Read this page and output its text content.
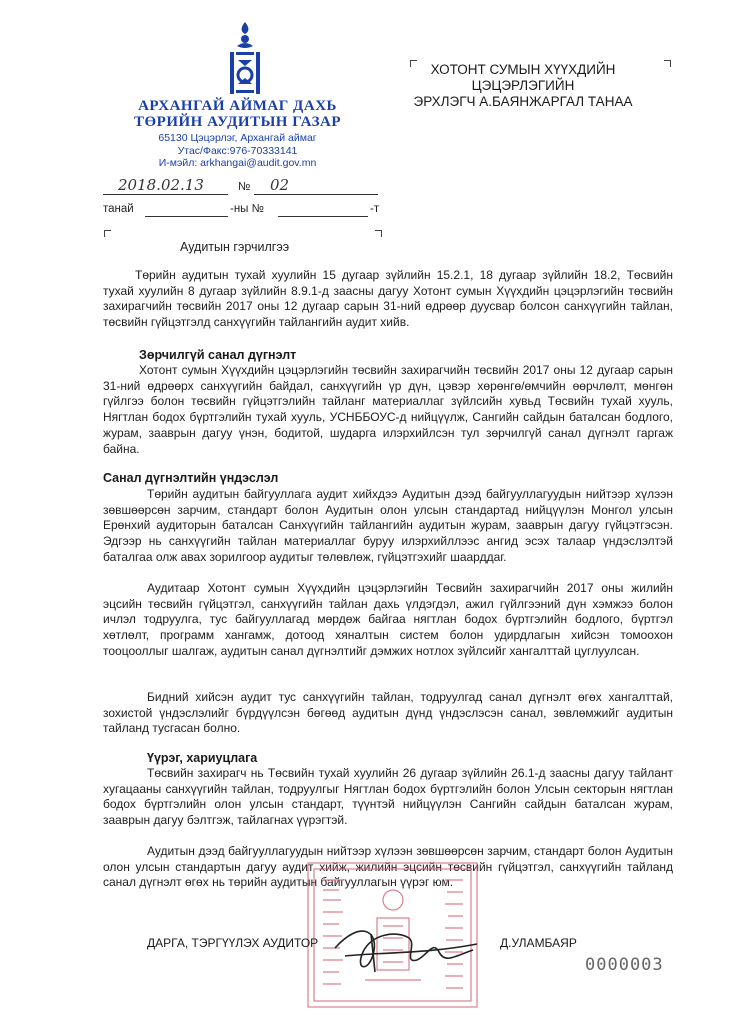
АРХАНГАЙ АЙМАГ ДАХЬ
ТӨРИЙН АУДИТЫН ГАЗАР
65130 Цэцэрлэг, Архангай аймаг
Утас/Факс:976-70333141
И-мэйл: arkhangai@audit.gov.mn
2018.02.13	№ 02
танай	-ны №	-т
ХОТОНТ СУМЫН ХҮҮХДИЙН ЦЭЦЭРЛЭГИЙН
ЭРХЛЭГЧ А.БАЯНЖАРГАЛ ТАНАА
Аудитын гэрчилгээ
Төрийн аудитын тухай хуулийн 15 дугаар зүйлийн 15.2.1, 18 дугаар зүйлийн 18.2, Төсвийн тухай хуулийн 8 дугаар зүйлийн 8.9.1-д заасны дагуу Хотонт сумын Хүүхдийн цэцэрлэгийн төсвийн захирагчийн төсвийн 2017 оны 12 дугаар сарын 31-ний өдрөөр дуусвар болсон санхүүгийн тайлан, төсвийн гүйцэтгэлд санхүүгийн тайлангийн аудит хийв.
Зөрчилгүй санал дүгнэлт
Хотонт сумын Хүүхдийн цэцэрлэгийн төсвийн захирагчийн төсвийн 2017 оны 12 дугаар сарын 31-ний өдрөөрх санхүүгийн байдал, санхүүгийн үр дүн, цэвэр хөрөнгө/өмчийн өөрчлөлт, мөнгөн гүйлгээ болон төсвийн гүйцэтгэлийн тайланг материаллаг зүйлсийн хувьд Төсвийн тухай хууль, Нягтлан бодох бүртгэлийн тухай хууль, УСНББОУС-д нийцүүлж, Сангийн сайдын баталсан бодлого, журам, зааврын дагуу үнэн, бодитой, шударга илэрхийлсэн тул зөрчилгүй санал дүгнэлт гаргаж байна.
Санал дүгнэлтийн үндэслэл
Төрийн аудитын байгууллага аудит хийхдээ Аудитын дээд байгууллагуудын нийтээр хүлээн зөвшөөрсөн зарчим, стандарт болон Аудитын олон улсын стандартад нийцүүлэн Монгол улсын Ерөнхий аудиторын баталсан Санхүүгийн тайлангийн аудитын журам, зааврын дагуу гүйцэтгэсэн. Эдгээр нь санхүүгийн тайлан материаллаг буруу илэрхийллээс ангид эсэх талаар үндэслэлтэй баталгаа олж авах зорилгоор аудитыг төлөвлөж, гүйцэтгэхийг шаарддаг.
Аудитаар Хотонт сумын Хүүхдийн цэцэрлэгийн Төсвийн захирагчийн 2017 оны жилийн эцсийн төсвийн гүйцэтгэл, санхүүгийн тайлан дахь үлдэгдэл, ажил гүйлгээний дүн хэмжээ болон ичлэл тодруулга, тус байгууллагад мөрдөж байгаа нягтлан бодох бүртгэлийн бодлого, бүртгэл хөтлөлт, программ хангамж, дотоод хяналтын систем болон удирдлагын хийсэн томоохон тооцооллыг шалгаж, аудитын санал дүгнэлтийг дэмжих нотлох зүйлсийг хангалттай цуглуулсан.
Бидний хийсэн аудит тус санхүүгийн тайлан, тодруулгад санал дүгнэлт өгөх хангалттай, зохистой үндэслэлийг бүрдүүлсэн бөгөөд аудитын дүнд үндэслэсэн санал, зөвлөмжийг аудитын тайланд тусгасан болно.
Үүрэг, хариуцлага
Төсвийн захирагч нь Төсвийн тухай хуулийн 26 дугаар зүйлийн 26.1-д заасны дагуу тайлант хугацааны санхүүгийн тайлан, тодруулгыг Нягтлан бодох бүртгэлийн болон Улсын секторын нягтлан бодох бүртгэлийн олон улсын стандарт, түүнтэй нийцүүлэн Сангийн сайдын баталсан журам, зааврын дагуу бэлтгэж, тайлагнах үүрэгтэй.
Аудитын дээд байгууллагуудын нийтээр хүлээн зөвшөөрсөн зарчим, стандарт болон Аудитын олон улсын стандартын дагуу аудит хийж, жилийн эцсийн төсвийн гүйцэтгэл, санхүүгийн тайланд санал дүгнэлт өгөх нь төрийн аудитын байгууллагын үүрэг юм.
ДАРГА, ТЭРГҮҮЛЭХ АУДИТОР	Д.УЛАМБАЯР
0000003
